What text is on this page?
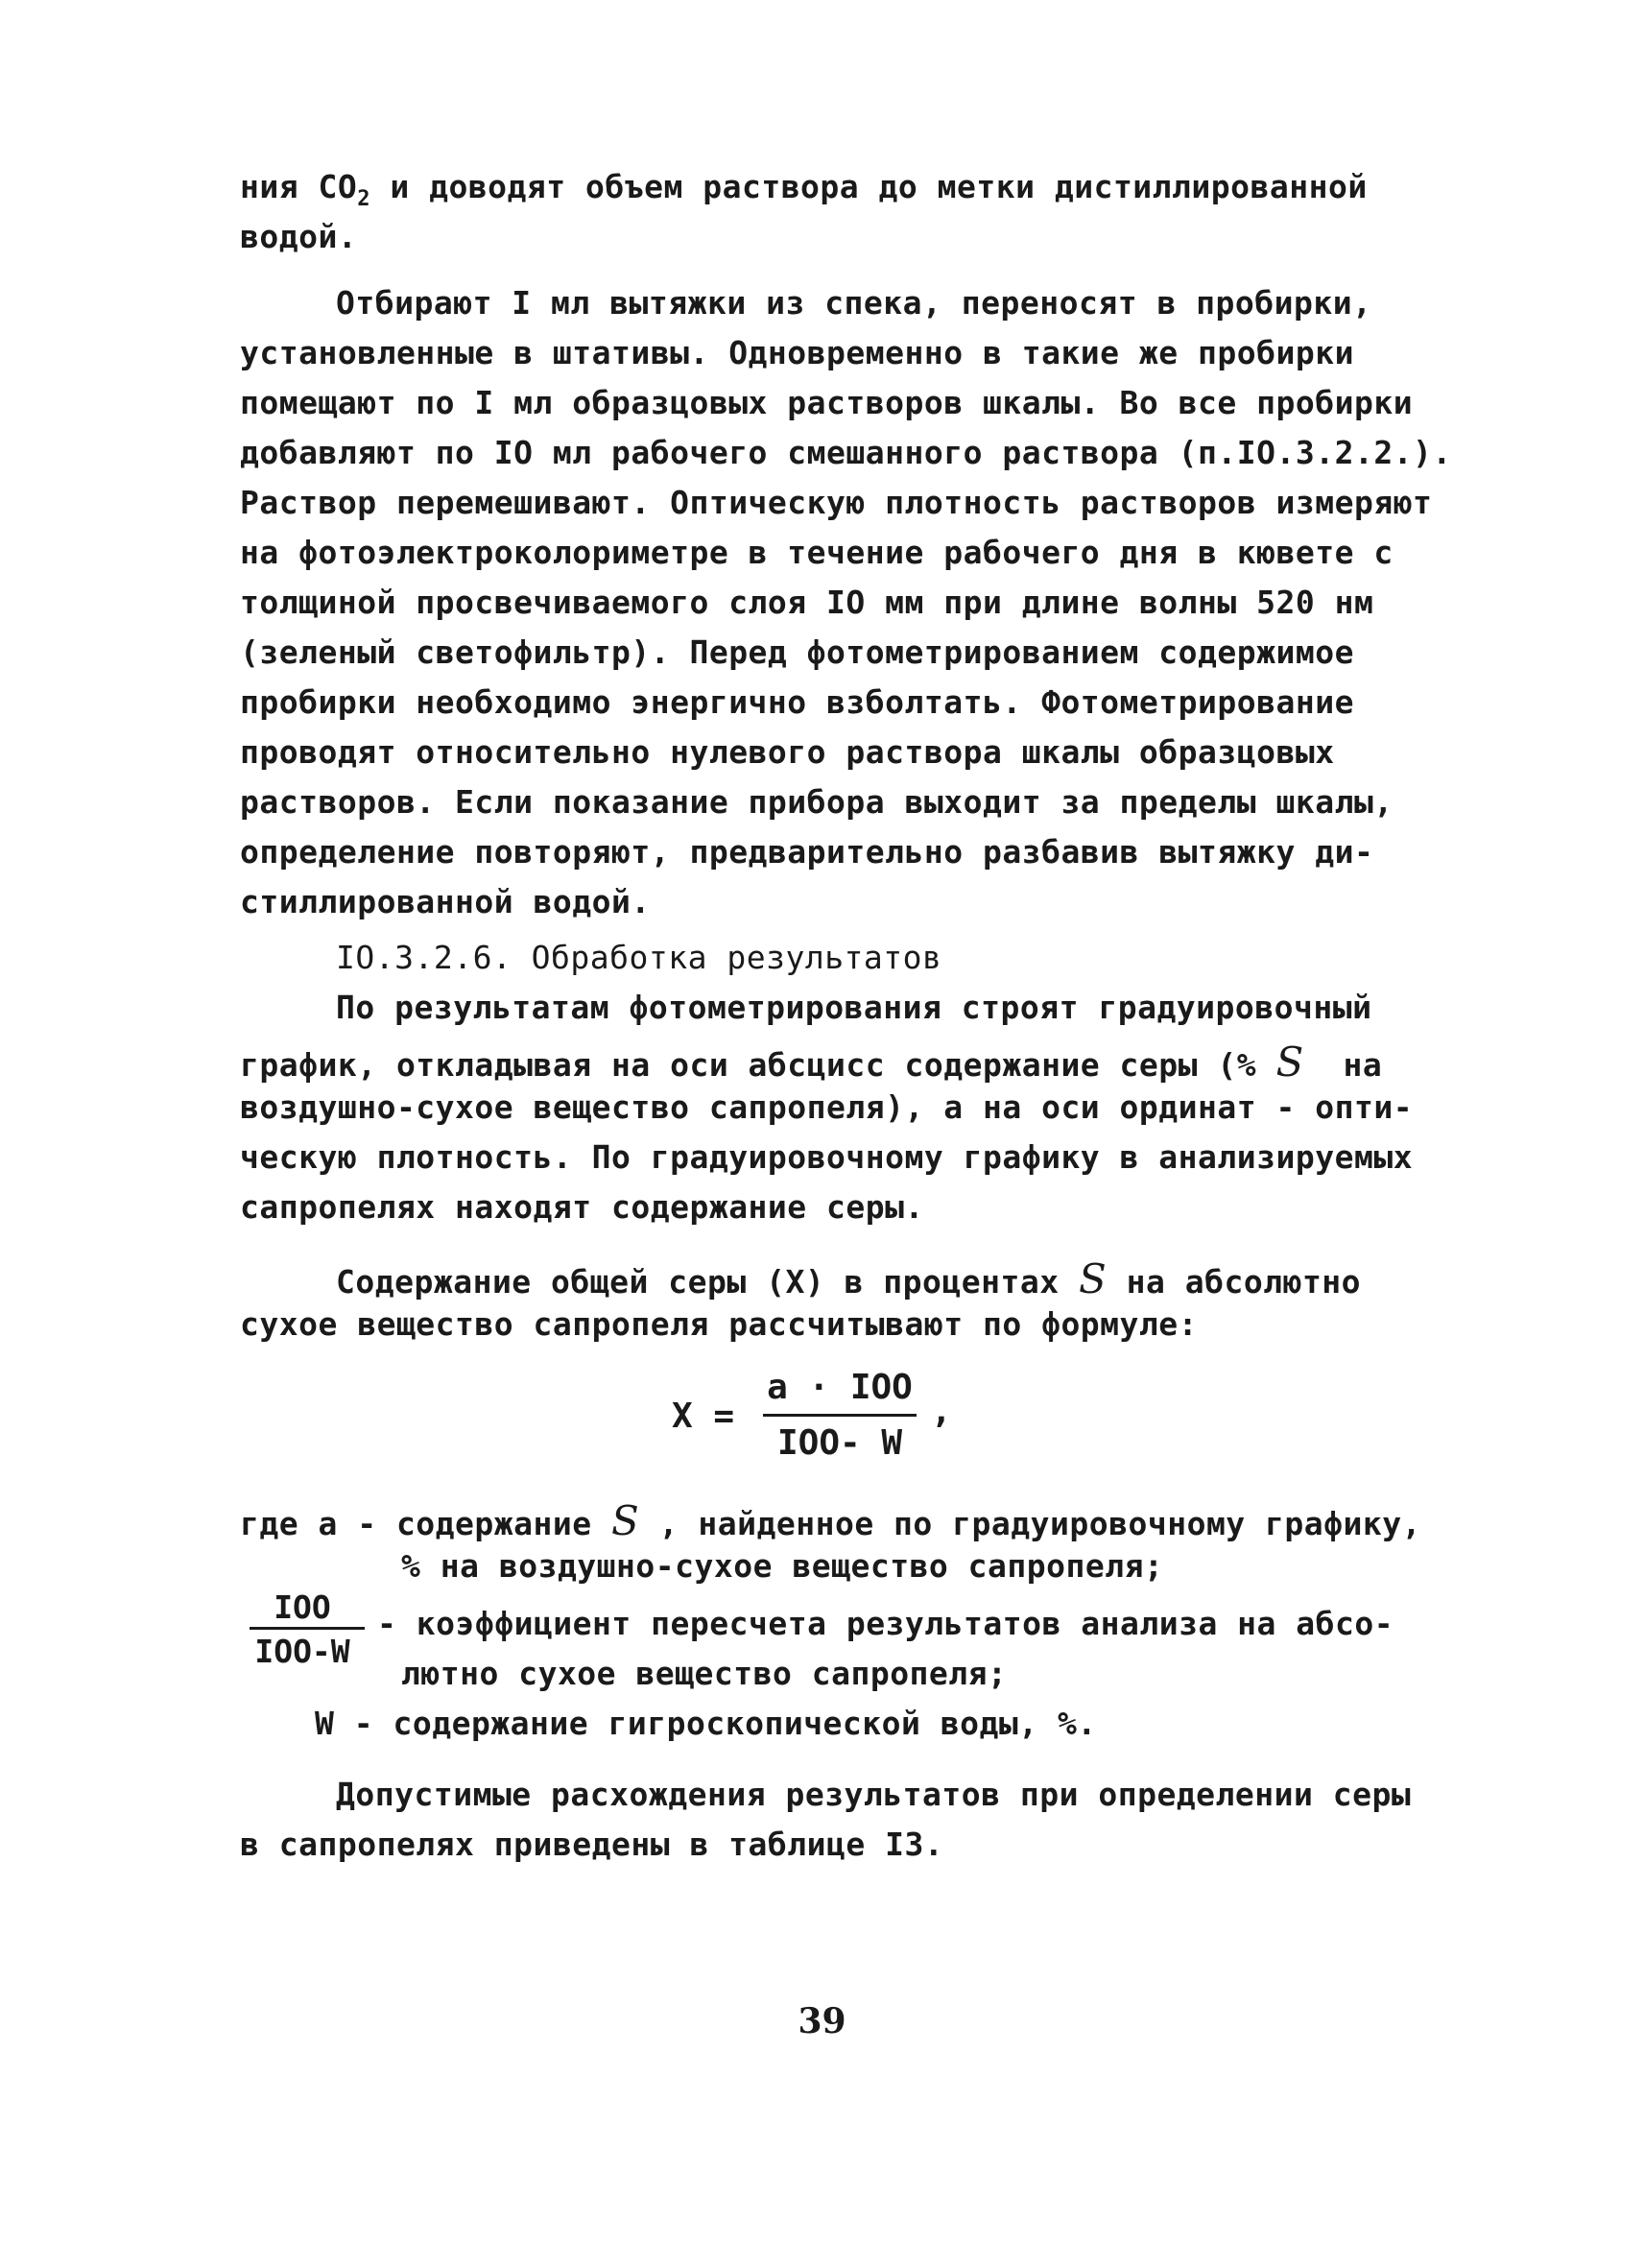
ния $CO_2$ и доводят объем раствора до метки дистиллированной
водой.
Отбирают I мл вытяжки из спека, переносят в пробирки,
установленные в штативы. Одновременно в такие же пробирки
помещают по I мл образцовых растворов шкалы. Во все пробирки
добавляют по IO мл рабочего смешанного раствора (п.IO.3.2.2.).
Раствор перемешивают. Оптическую плотность растворов измеряют
на фотоэлектроколориметре в течение рабочего дня в кювете с
толщиной просвечиваемого слоя IO мм при длине волны 520 нм
(зеленый светофильтр). Перед фотометрированием содержимое
пробирки необходимо энергично взболтать. Фотометрирование
проводят относительно нулевого раствора шкалы образцовых
растворов. Если показание прибора выходит за пределы шкалы,
определение повторяют, предварительно разбавив вытяжку ди-
стиллированной водой.
IO.3.2.6. Обработка результатов
По результатам фотометрирования строят градуировочный
график, откладывая на оси абсцисс содержание серы (% S  на
воздушно-сухое вещество сапропеля), а на оси ординат - опти-
ческую плотность. По градуировочному графику в анализируемых
сапропелях находят содержание серы.
Содержание общей серы (X) в процентах S на абсолютно
сухое вещество сапропеля рассчитывают по формуле:
X =
a · IOO
IOO- W
,
где а - содержание S , найденное по градуировочному графику,
% на воздушно-сухое вещество сапропеля;
IOO
IOO-W
- коэффициент пересчета результатов анализа на абсо-
лютно сухое вещество сапропеля;
W - содержание гигроскопической воды, %.
Допустимые расхождения результатов при определении серы
в сапропелях приведены в таблице I3.
39
